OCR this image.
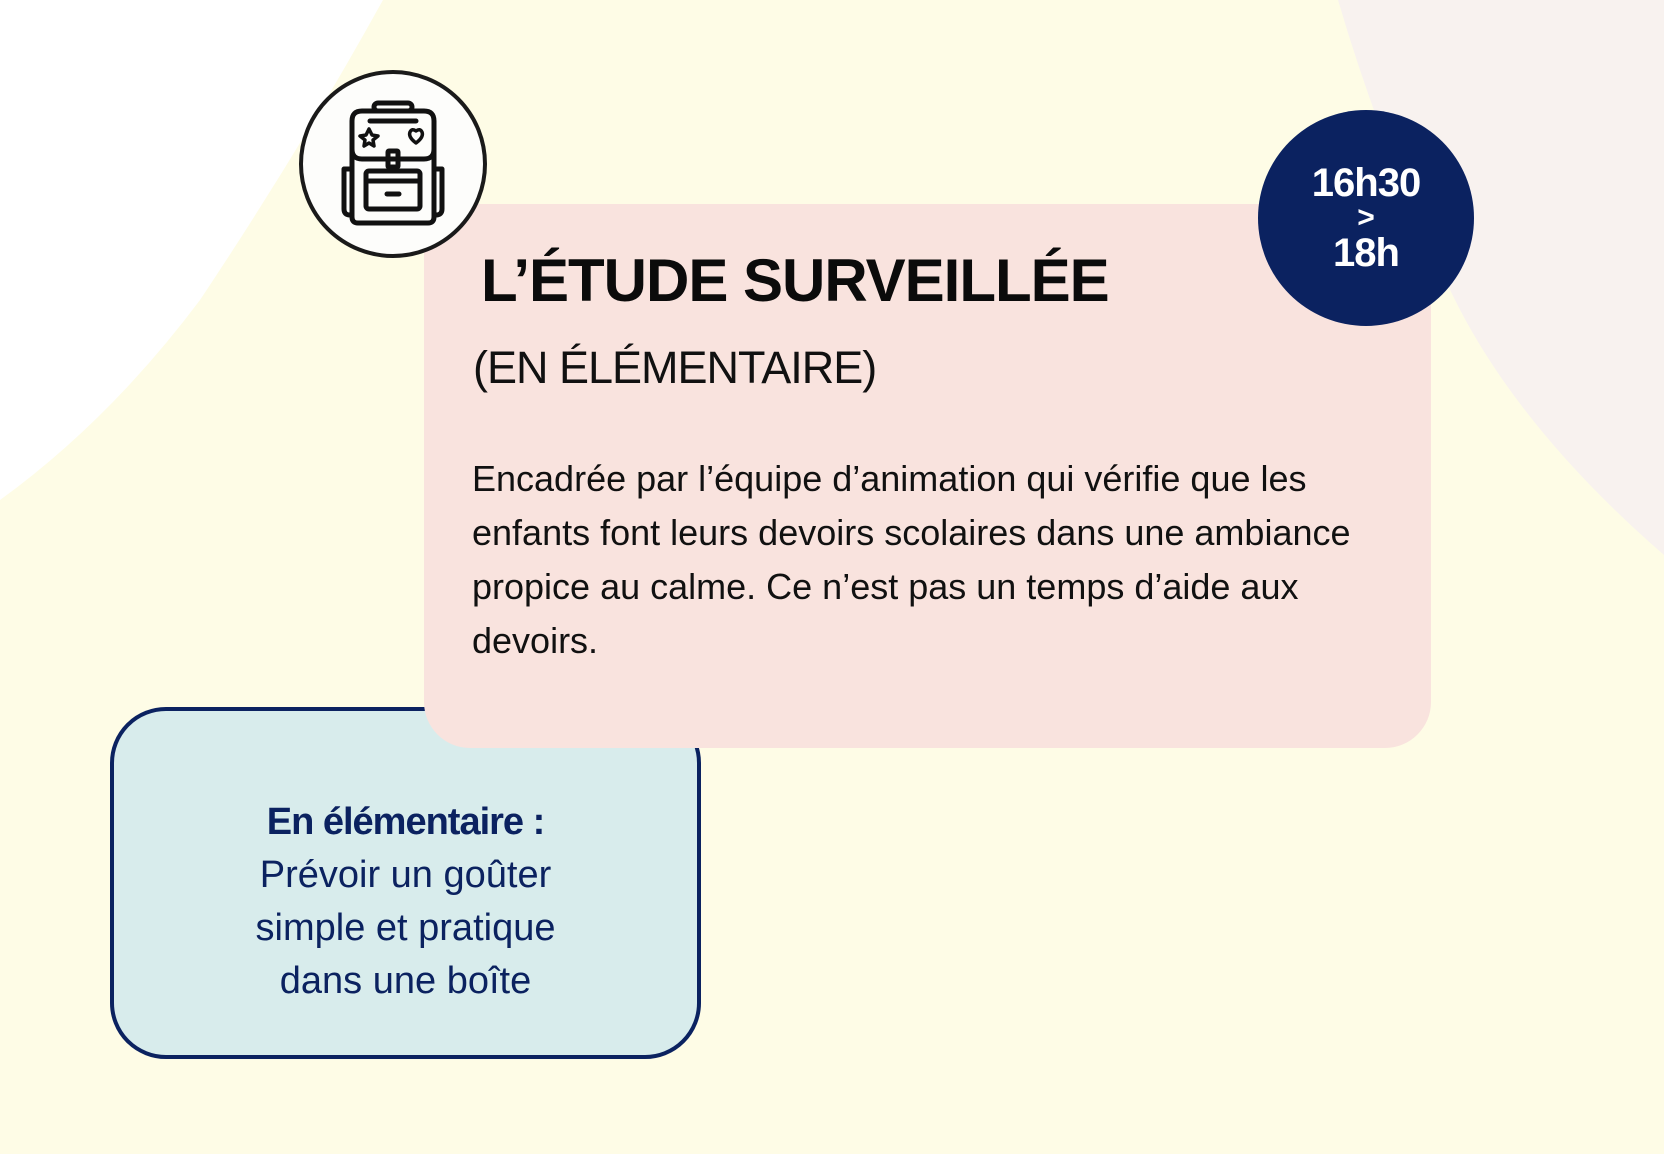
En élémentaire :
Prévoir un goûter
simple et pratique
dans une boîte
L’ÉTUDE SURVEILLÉE
(EN ÉLÉMENTAIRE)

Encadrée par l’équipe d’animation qui vérifie que les enfants font leurs devoirs scolaires dans une ambiance propice au calme. Ce n’est pas un temps d’aide aux devoirs.

16h30
>
18h
